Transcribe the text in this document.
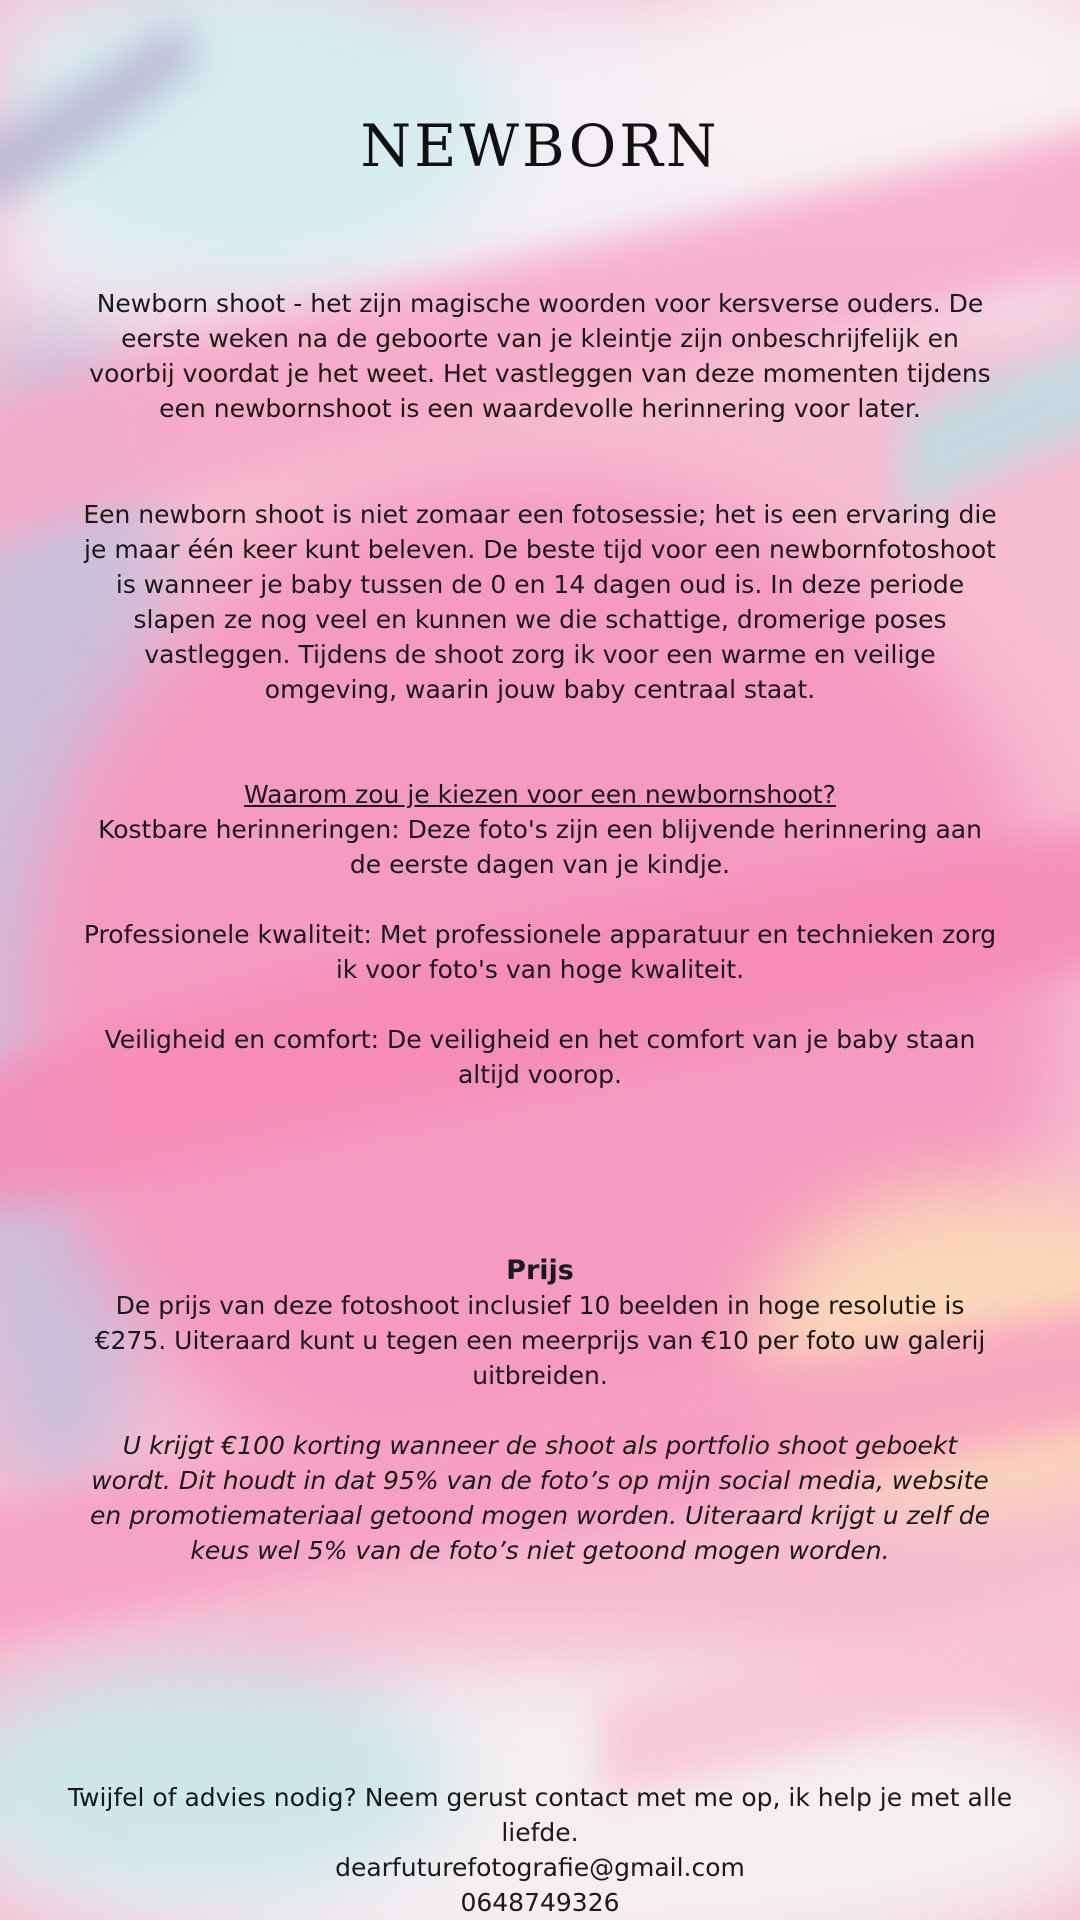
NEWBORN

Newborn shoot - het zijn magische woorden voor kersverse ouders. De eerste weken na de geboorte van je kleintje zijn onbeschrijfelijk en voorbij voordat je het weet. Het vastleggen van deze momenten tijdens een newbornshoot is een waardevolle herinnering voor later.

Een newborn shoot is niet zomaar een fotosessie; het is een ervaring die je maar één keer kunt beleven. De beste tijd voor een newbornfotoshoot is wanneer je baby tussen de 0 en 14 dagen oud is. In deze periode slapen ze nog veel en kunnen we die schattige, dromerige poses vastleggen. Tijdens de shoot zorg ik voor een warme en veilige omgeving, waarin jouw baby centraal staat.

Waarom zou je kiezen voor een newbornshoot?

Kostbare herinneringen: Deze foto's zijn een blijvende herinnering aan de eerste dagen van je kindje.

Professionele kwaliteit: Met professionele apparatuur en technieken zorg ik voor foto's van hoge kwaliteit.

Veiligheid en comfort: De veiligheid en het comfort van je baby staan altijd voorop.

Prijs

De prijs van deze fotoshoot inclusief 10 beelden in hoge resolutie is €275. Uiteraard kunt u tegen een meerprijs van €10 per foto uw galerij uitbreiden.

U krijgt €100 korting wanneer de shoot als portfolio shoot geboekt wordt. Dit houdt in dat 95% van de foto’s op mijn social media, website en promotiemateriaal getoond mogen worden. Uiteraard krijgt u zelf de keus wel 5% van de foto’s niet getoond mogen worden.

Twijfel of advies nodig? Neem gerust contact met me op, ik help je met alle liefde.
dearfuturefotografie@gmail.com
0648749326
